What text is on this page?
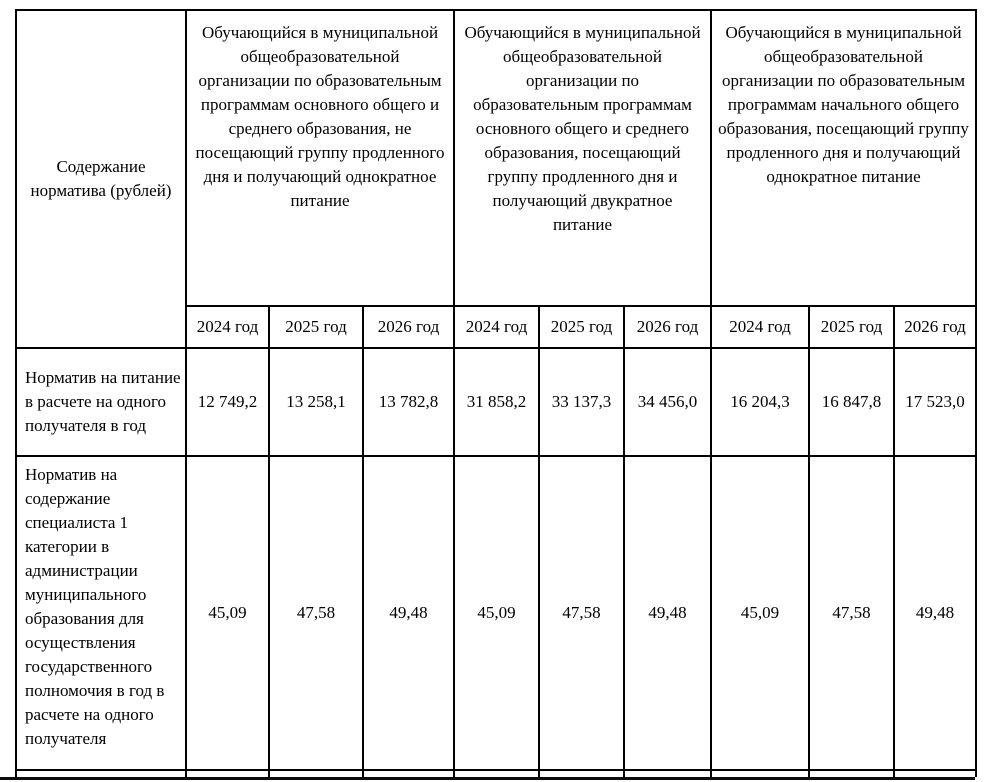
Содержание норматива (рублей)	Обучающийся в муниципальной общеобразовательной организации по образовательным программам основного общего и среднего образования, не посещающий группу продленного дня и получающий однократное питание			Обучающийся в муниципальной общеобразовательной организации по образовательным программам основного общего и среднего образования, посещающий группу продленного дня и получающий двукратное питание			Обучающийся в муниципальной общеобразовательной организации по образовательным программам начального общего образования, посещающий группу продленного дня и получающий однократное питание		
	2024 год	2025 год	2026 год	2024 год	2025 год	2026 год	2024 год	2025 год	2026 год
Норматив на питание в расчете на одного получателя в год	12 749,2	13 258,1	13 782,8	31 858,2	33 137,3	34 456,0	16 204,3	16 847,8	17 523,0
Норматив на содержание специалиста 1 категории в администрации муниципального образования для осуществления государственного полномочия в год в расчете на одного получателя	45,09	47,58	49,48	45,09	47,58	49,48	45,09	47,58	49,48
